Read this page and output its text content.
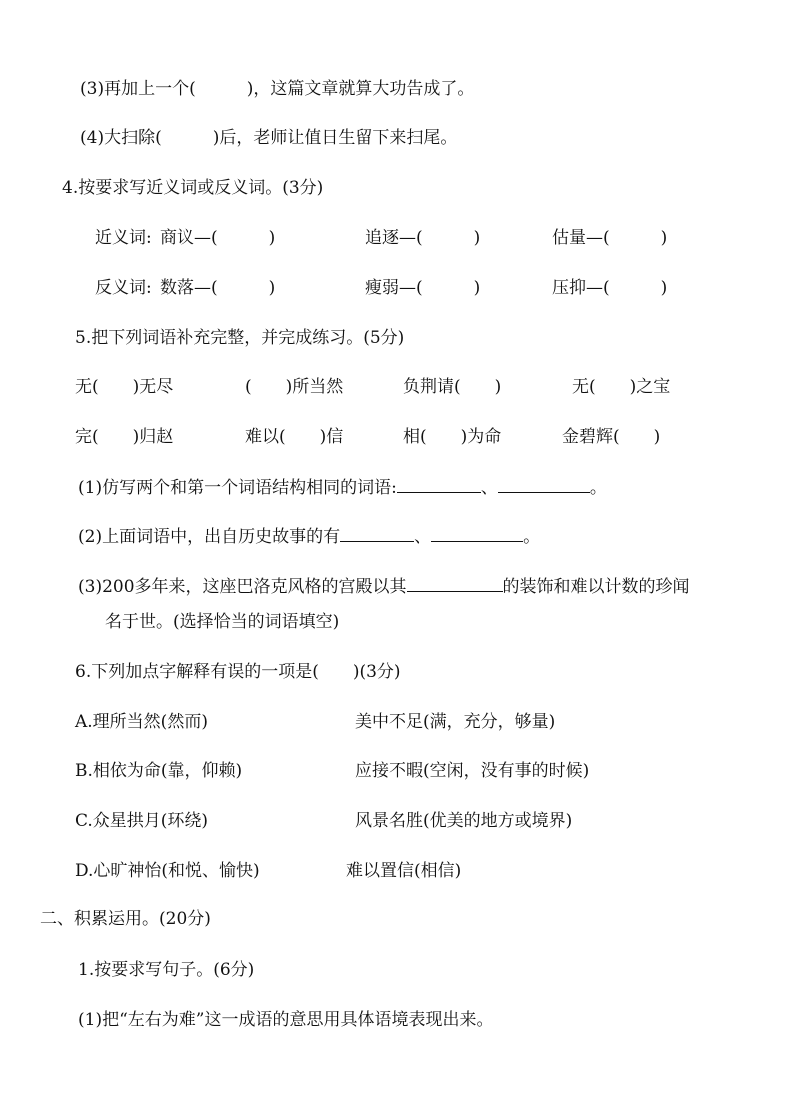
(3)再加上一个(　　　)，这篇文章就算大功告成了。
(4)大扫除(　　　)后，老师让值日生留下来扫尾。
4.按要求写近义词或反义词。(3分)
近义词: 商议—(　　　)	追逐—(　　　)	估量—(　　　)
反义词: 数落—(　　　)	瘦弱—(　　　)	压抑—(　　　)
5.把下列词语补充完整，并完成练习。(5分)
无(　　)无尽	(　　)所当然	负荆请(　　)	无(　　)之宝
完(　　)归赵	难以(　　)信	相(　　)为命	金碧辉(　　)
(1)仿写两个和第一个词语结构相同的词语:	、	。
(2)上面词语中，出自历史故事的有	、	。
(3)200多年来，这座巴洛克风格的宫殿以其	的装饰和难以计数的珍闻
名于世。(选择恰当的词语填空)
6.下列加点字解释有误的一项是(　　)(3分)
A.理所当然(然而)	美中不足(满，充分，够量)
B.相依为命(靠，仰赖)	应接不暇(空闲，没有事的时候)
C.众星拱月(环绕)	风景名胜(优美的地方或境界)
D.心旷神怡(和悦、愉快)	难以置信(相信)
二、积累运用。(20分)
1.按要求写句子。(6分)
(1)把“左右为难”这一成语的意思用具体语境表现出来。
